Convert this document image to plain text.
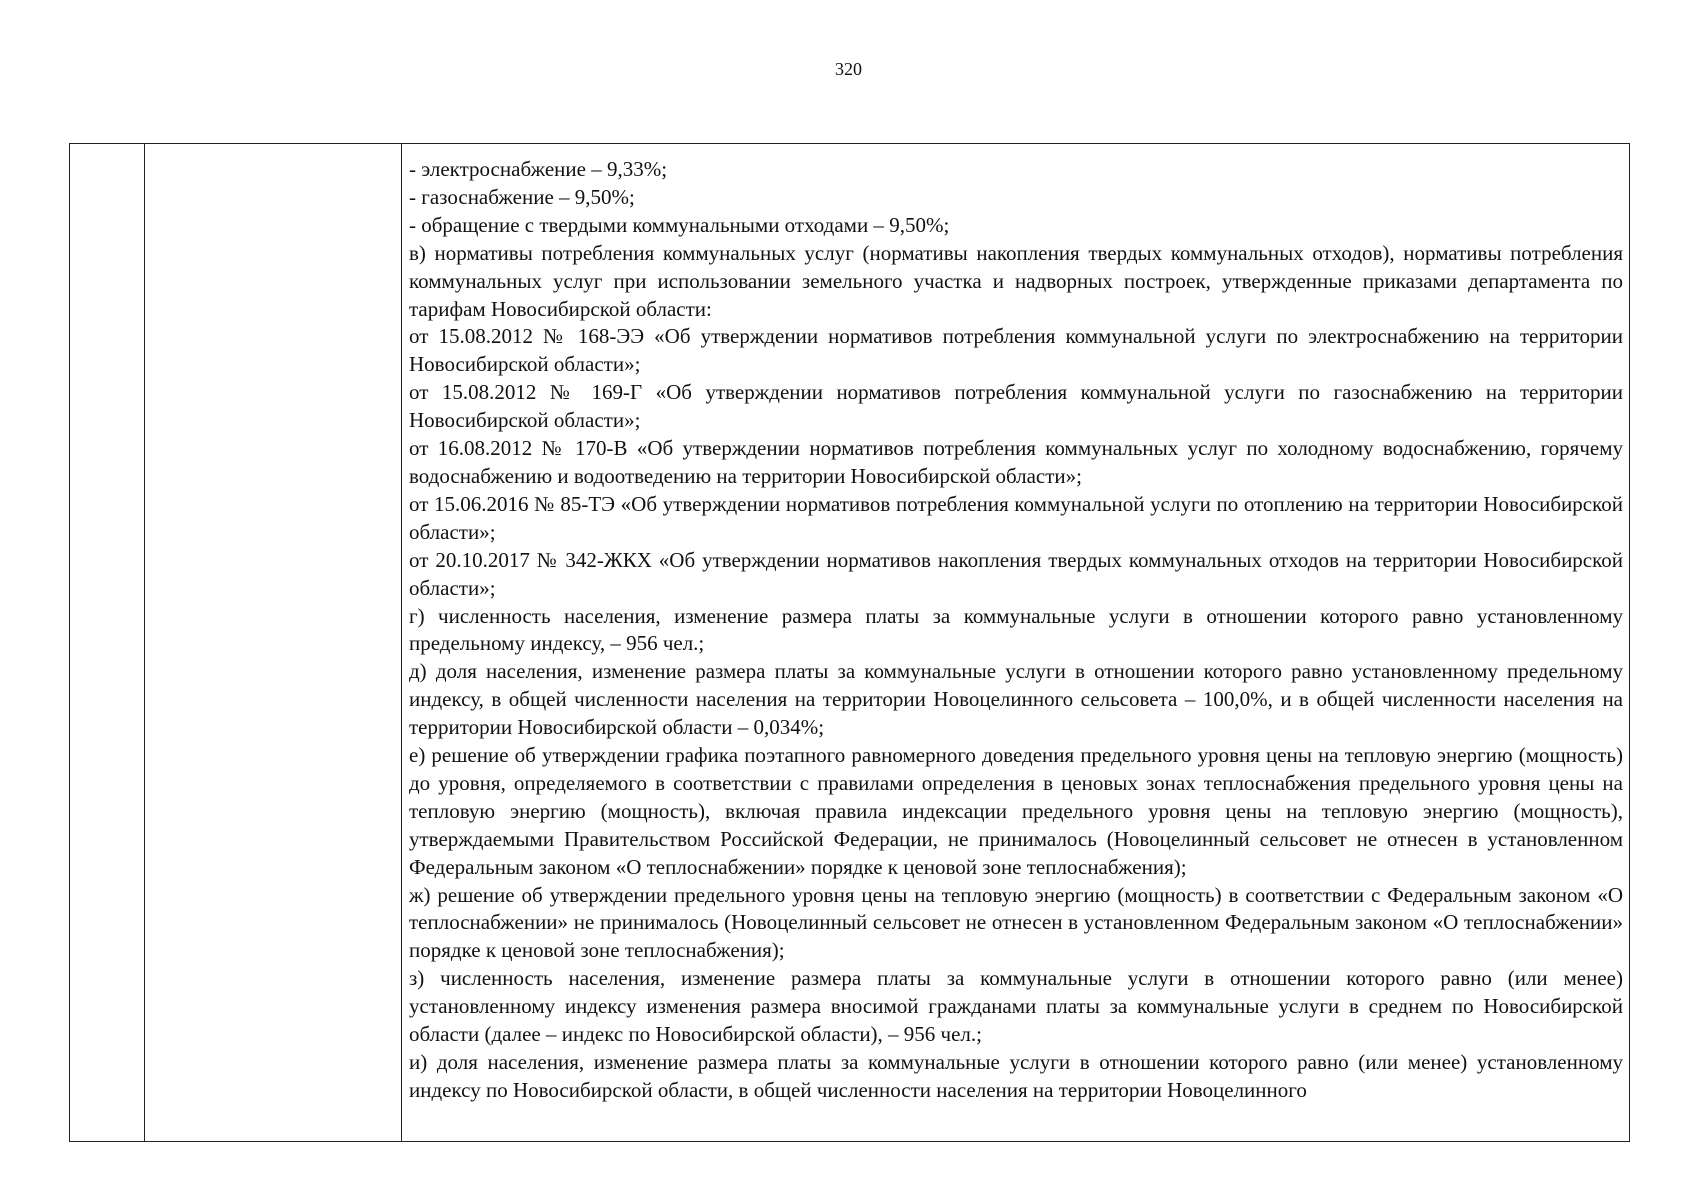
320

- электроснабжение – 9,33%;

- газоснабжение – 9,50%;

- обращение с твердыми коммунальными отходами – 9,50%;

в) нормативы потребления коммунальных услуг (нормативы накопления твердых коммунальных отходов), нормативы потребления коммунальных услуг при использовании земельного участка и надворных построек, утвержденные приказами департамента по тарифам Новосибирской области:

от 15.08.2012 № 168-ЭЭ «Об утверждении нормативов потребления коммунальной услуги по электроснабжению на территории Новосибирской области»;

от 15.08.2012 № 169-Г «Об утверждении нормативов потребления коммунальной услуги по газоснабжению на территории Новосибирской области»;

от 16.08.2012 № 170-В «Об утверждении нормативов потребления коммунальных услуг по холодному водоснабжению, горячему водоснабжению и водоотведению на территории Новосибирской области»;

от 15.06.2016 № 85-ТЭ «Об утверждении нормативов потребления коммунальной услуги по отоплению на территории Новосибирской области»;

от 20.10.2017 № 342-ЖКХ «Об утверждении нормативов накопления твердых коммунальных отходов на территории Новосибирской области»;

г) численность населения, изменение размера платы за коммунальные услуги в отношении которого равно установленному предельному индексу, – 956 чел.;

д) доля населения, изменение размера платы за коммунальные услуги в отношении которого равно установленному предельному индексу, в общей численности населения на территории Новоцелинного сельсовета – 100,0%, и в общей численности населения на территории Новосибирской области – 0,034%;

е) решение об утверждении графика поэтапного равномерного доведения предельного уровня цены на тепловую энергию (мощность) до уровня, определяемого в соответствии с правилами определения в ценовых зонах теплоснабжения предельного уровня цены на тепловую энергию (мощность), включая правила индексации предельного уровня цены на тепловую энергию (мощность), утверждаемыми Правительством Российской Федерации, не принималось (Новоцелинный сельсовет не отнесен в установленном Федеральным законом «О теплоснабжении» порядке к ценовой зоне теплоснабжения);

ж) решение об утверждении предельного уровня цены на тепловую энергию (мощность) в соответствии с Федеральным законом «О теплоснабжении» не принималось (Новоцелинный сельсовет не отнесен в установленном Федеральным законом «О теплоснабжении» порядке к ценовой зоне теплоснабжения);

з) численность населения, изменение размера платы за коммунальные услуги в отношении которого равно (или менее) установленному индексу изменения размера вносимой гражданами платы за коммунальные услуги в среднем по Новосибирской области (далее – индекс по Новосибирской области), – 956 чел.;

и) доля населения, изменение размера платы за коммунальные услуги в отношении которого равно (или менее) установленному индексу по Новосибирской области, в общей численности населения на территории Новоцелинного
